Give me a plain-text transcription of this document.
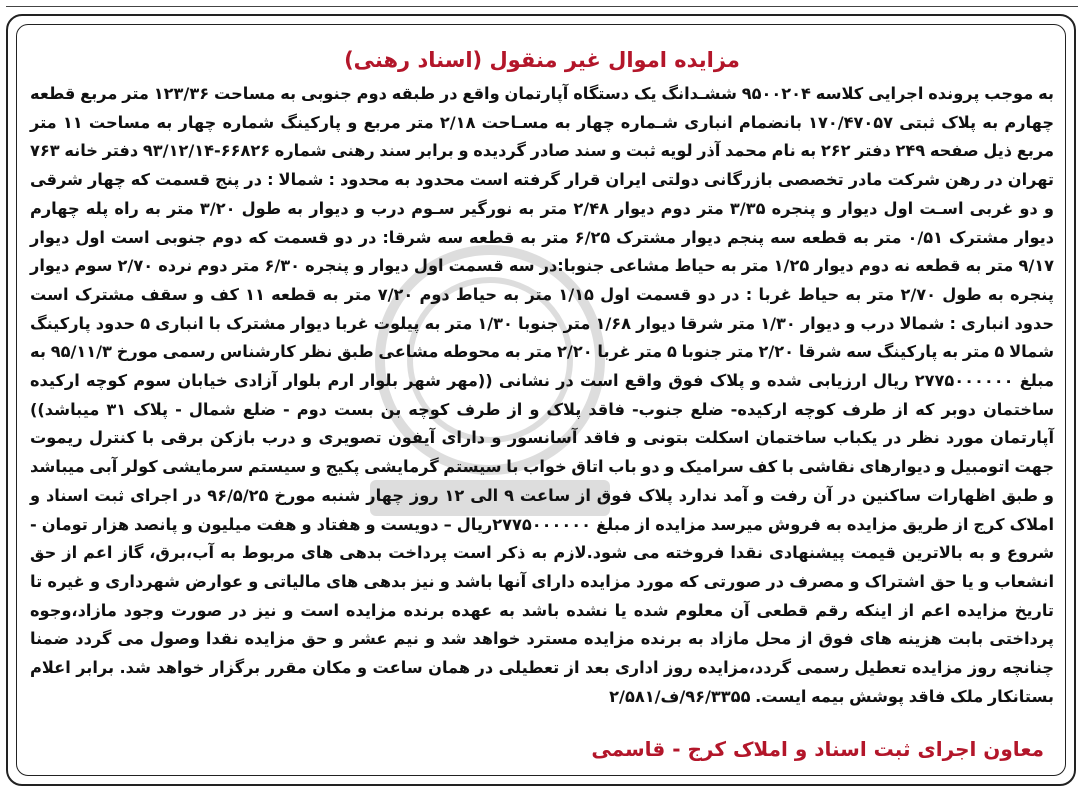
مزایده اموال غیر منقول (اسناد رهنی)

به موجب پرونده اجرایی کلاسه ۹۵۰۰۲۰۴ ششـدانگ یک دستگاه آپارتمان واقع در طبقه دوم جنوبی به مساحت ۱۲۳/۳۶ متر مربع قطعه چهارم به پلاک ثبتی ۱۷۰/۴۷۰۵۷ بانضمام انباری شـماره چهار به مسـاحت ۲/۱۸ متر مربع و پارکینگ شماره چهار به مساحت ۱۱ متر مربع ذیل صفحه ۲۴۹ دفتر ۲۶۲ به نام محمد آذر لویه ثبت و سند صادر گردیده و برابر سند رهنی شماره ۶۶۸۲۶-۹۳/۱۲/۱۴ دفتر خانه ۷۶۳ تهران در رهن شرکت مادر تخصصی بازرگانی دولتی ایران قرار گرفته است محدود به محدود : شمالا : در پنج قسمت که چهار شرقی و دو غربی اسـت اول دیوار و پنجره ۳/۳۵ متر دوم دیوار ۲/۴۸ متر به نورگیر سـوم درب و دیوار به طول ۳/۲۰ متر به راه پله چهارم دیوار مشترک ۰/۵۱ متر به قطعه سه پنجم دیوار مشترک ۶/۲۵ متر به قطعه سه شرقا: در دو قسمت که دوم جنوبی است اول دیوار ۹/۱۷ متر به قطعه نه دوم دیوار ۱/۲۵ متر به حیاط مشاعی جنوبا:در سه قسمت اول دیوار و پنجره ۶/۳۰ متر دوم نرده ۲/۷۰ سوم دیوار پنجره به طول ۲/۷۰ متر به حیاط غربا : در دو قسمت اول ۱/۱۵ متر به حیاط دوم ۷/۲۰ متر به قطعه ۱۱ کف و سقف مشترک است حدود انباری : شمالا درب و دیوار ۱/۳۰ متر شرقا دیوار ۱/۶۸ متر جنوبا ۱/۳۰ متر به پیلوت غربا دیوار مشترک با انباری ۵ حدود پارکینگ شمالا ۵ متر به پارکینگ سه شرقا ۲/۲۰ متر جنوبا ۵ متر غربا ۲/۲۰ متر به محوطه مشاعی طبق نظر کارشناس رسمی مورخ ۹۵/۱۱/۳ به مبلغ ۲۷۷۵۰۰۰۰۰۰ ریال ارزیابی شده و پلاک فوق واقع است در نشانی ((مهر شهر بلوار ارم بلوار آزادی خیابان سوم کوچه ارکیده ساختمان دوبر که از طرف کوچه ارکیده- ضلع جنوب- فاقد پلاک و از طرف کوچه بن بست دوم - ضلع شمال - پلاک ۳۱ میباشد)) آپارتمان مورد نظر در یکباب ساختمان اسکلت بتونی و فاقد آسانسور و دارای آیفون تصویری و درب بازکن برقی با کنترل ریموت جهت اتومبیل و دیوارهای نقاشی با کف سرامیک و دو باب اتاق خواب با سیستم گرمایشی پکیج و سیستم سرمایشی کولر آبی میباشد و طبق اظهارات ساکنین در آن رفت و آمد ندارد پلاک فوق از ساعت ۹ الی ۱۲ روز چهار شنبه مورخ ۹۶/۵/۲۵ در اجرای ثبت اسناد و املاک کرج از طریق مزایده به فروش میرسد مزایده از مبلغ ۲۷۷۵۰۰۰۰۰۰ریال – دویست و هفتاد و هفت میلیون و پانصد هزار تومان - شروع و به بالاترین قیمت پیشنهادی نقدا فروخته می شود.لازم به ذکر است پرداخت بدهی های مربوط به آب،برق، گاز اعم از حق انشعاب و یا حق اشتراک و مصرف در صورتی که مورد مزایده دارای آنها باشد و نیز بدهی های مالیاتی و عوارض شهرداری و غیره تا تاریخ مزایده اعم از اینکه رقم قطعی آن معلوم شده یا نشده باشد به عهده برنده مزایده است و نیز در صورت وجود مازاد،وجوه پرداختی بابت هزینه های فوق از محل مازاد به برنده مزایده مسترد خواهد شد و نیم عشر و حق مزایده نقدا وصول می گردد ضمنا چنانچه روز مزایده تعطیل رسمی گردد،مزایده روز اداری بعد از تعطیلی در همان ساعت و مکان مقرر برگزار خواهد شد. برابر اعلام بستانکار ملک فاقد پوشش بیمه ایست. ۹۶/۳۳۵۵/ف/۲/۵۸۱

معاون اجرای ثبت اسناد و املاک کرج - قاسمی
